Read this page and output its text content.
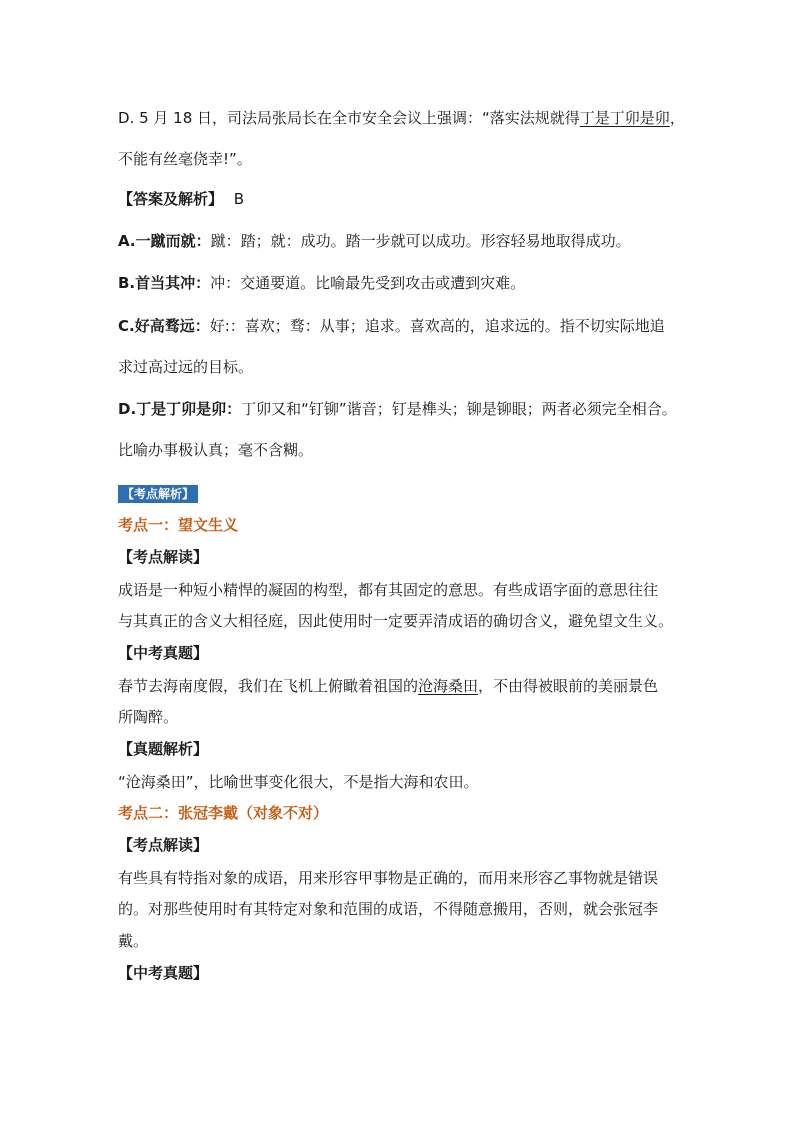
D. 5 月 18 日，司法局张局长在全市安全会议上强调：“落实法规就得丁是丁卯是卯，
不能有丝毫侥幸!”。
【答案及解析】 B
A.一蹴而就：蹴：踏；就：成功。踏一步就可以成功。形容轻易地取得成功。
B.首当其冲：冲：交通要道。比喻最先受到攻击或遭到灾难。
C.好高骛远：好:：喜欢；骛：从事；追求。喜欢高的，追求远的。指不切实际地追
求过高过远的目标。
D.丁是丁卯是卯：丁卯又和“钉铆”谐音；钉是榫头；铆是铆眼；两者必须完全相合。
比喻办事极认真；毫不含糊。
【考点解析】
考点一：望文生义
【考点解读】
成语是一种短小精悍的凝固的构型，都有其固定的意思。有些成语字面的意思往往
与其真正的含义大相径庭，因此使用时一定要弄清成语的确切含义，避免望文生义。
【中考真题】
春节去海南度假，我们在飞机上俯瞰着祖国的沧海桑田，不由得被眼前的美丽景色
所陶醉。
【真题解析】
“沧海桑田”，比喻世事变化很大，不是指大海和农田。
考点二：张冠李戴（对象不对）
【考点解读】
有些具有特指对象的成语，用来形容甲事物是正确的，而用来形容乙事物就是错误
的。对那些使用时有其特定对象和范围的成语，不得随意搬用，否则，就会张冠李
戴。
【中考真题】
